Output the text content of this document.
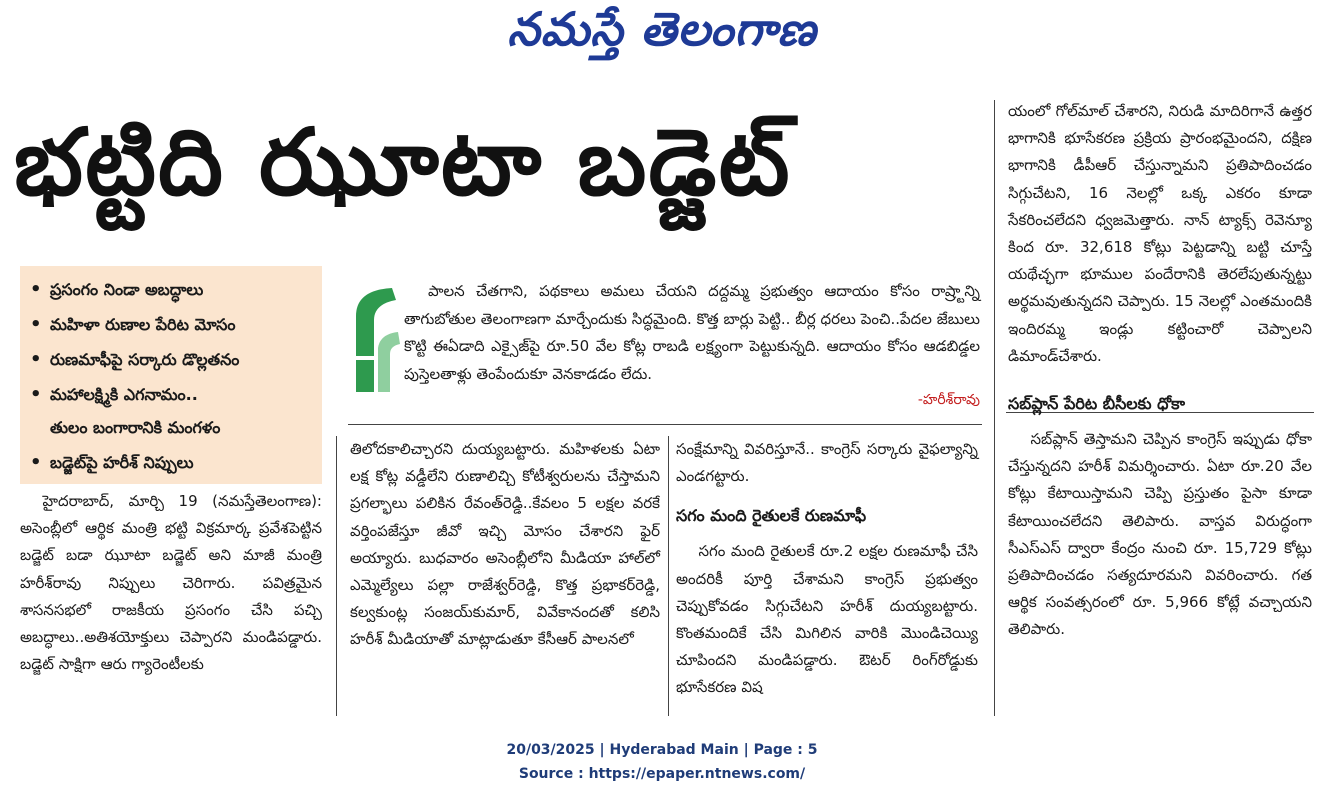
నమస్తే తెలంగాణ
భట్టిది ఝూటా బడ్జెట్
• ప్రసంగం నిండా అబద్ధాలు
• మహిళా రుణాల పేరిట మోసం
• రుణమాఫీపై సర్కారు డొల్లతనం
• మహాలక్ష్మికి ఎగనామం..
తులం బంగారానికి మంగళం
• బడ్జెట్‌పై హరీశ్‌ నిప్పులు

పాలన చేతగాని, పథకాలు అమలు చేయని దద్దమ్మ ప్రభుత్వం ఆదాయం కోసం రాష్ర్టాన్ని తాగుబోతుల తెలంగాణగా మార్చేందుకు సిద్ధమైంది. కొత్త బార్లు పెట్టి.. బీర్ల ధరలు పెంచి..పేదల జేబులు కొట్టి ఈఏడాది ఎక్సైజ్‌పై రూ.50 వేల కోట్ల రాబడి లక్ష్యంగా పెట్టుకున్నది. ఆదాయం కోసం ఆడబిడ్డల పుస్తెలతాళ్లు తెంపేందుకూ వెనకాడడం లేదు.

-హరీశ్‌రావు

హైదరాబాద్‌, మార్చి 19 (నమస్తేతెలంగాణ): అసెంబ్లీలో ఆర్థిక మంత్రి భట్టి విక్రమార్క ప్రవేశపెట్టిన బడ్జెట్‌ బడా ఝూటా బడ్జెట్‌ అని మాజీ మంత్రి హరీశ్‌రావు నిప్పులు చెరిగారు. పవిత్రమైన శాసనసభలో రాజకీయ ప్రసంగం చేసి పచ్చి అబద్ధాలు..అతిశయోక్తులు చెప్పారని మండిపడ్డారు. బడ్జెట్‌ సాక్షిగా ఆరు గ్యారెంటీలకు

తిలోదకాలిచ్చారని దుయ్యబట్టారు. మహిళలకు ఏటా లక్ష కోట్ల వడ్డీలేని రుణాలిచ్చి కోటీశ్వరులను చేస్తామని ప్రగల్భాలు పలికిన రేవంత్‌రెడ్డి..కేవలం 5 లక్షల వరకే వర్తింపజేస్తూ జీవో ఇచ్చి మోసం చేశారని ఫైర్‌ అయ్యారు. బుధవారం అసెంబ్లీలోని మీడియా హాల్‌లో ఎమ్మెల్యేలు పల్లా రాజేశ్వర్‌రెడ్డి, కొత్త ప్రభాకర్‌రెడ్డి, కల్వకుంట్ల సంజయ్‌కుమార్‌, వివేకానందతో కలిసి హరీశ్‌ మీడియాతో మాట్లాడుతూ కేసీఆర్‌ పాలనలో

సంక్షేమాన్ని వివరిస్తూనే.. కాంగ్రెస్‌ సర్కారు వైఫల్యాన్ని ఎండగట్టారు.

సగం మంది రైతులకే రుణమాఫీ

సగం మంది రైతులకే రూ.2 లక్షల రుణమాఫీ చేసి అందరికీ పూర్తి చేశామని కాంగ్రెస్‌ ప్రభుత్వం చెప్పుకోవడం సిగ్గుచేటని హరీశ్‌ దుయ్యబట్టారు. కొంతమందికే చేసి మిగిలిన వారికి మొండిచెయ్యి చూపిందని మండిపడ్డారు. ఔటర్‌ రింగ్‌రోడ్డుకు భూసేకరణ విష

యంలో గోల్‌మాల్‌ చేశారని, నిరుడి మాదిరిగానే ఉత్తర భాగానికి భూసేకరణ ప్రక్రియ ప్రారంభమైందని, దక్షిణ భాగానికి డీపీఆర్‌ చేస్తున్నామని ప్రతిపాదించడం సిగ్గుచేటని, 16 నెలల్లో ఒక్క ఎకరం కూడా సేకరించలేదని ధ్వజమెత్తారు. నాన్‌ ట్యాక్స్‌ రెవెన్యూ కింద రూ. 32,618 కోట్లు పెట్టడాన్ని బట్టి చూస్తే యథేచ్ఛగా భూముల పందేరానికి తెరలేపుతున్నట్టు అర్థమవుతున్నదని చెప్పారు. 15 నెలల్లో ఎంతమందికి ఇందిరమ్మ ఇండ్లు కట్టించారో చెప్పాలని డిమాండ్‌చేశారు.

సబ్‌ప్లాన్‌ పేరిట బీసీలకు ధోకా

సబ్‌ప్లాన్‌ తెస్తామని చెప్పిన కాంగ్రెస్‌ ఇప్పుడు ధోకా చేస్తున్నదని హరీశ్‌ విమర్శించారు. ఏటా రూ.20 వేల కోట్లు కేటాయిస్తామని చెప్పి ప్రస్తుతం పైసా కూడా కేటాయించలేదని తెలిపారు. వాస్తవ విరుద్ధంగా సీఎస్‌ఎస్‌ ద్వారా కేంద్రం నుంచి రూ. 15,729 కోట్లు ప్రతిపాదించడం సత్యదూరమని వివరించారు. గత ఆర్థిక సంవత్సరంలో రూ. 5,966 కోట్లే వచ్చాయని తెలిపారు.

20/03/2025 | Hyderabad Main | Page : 5
Source : https://epaper.ntnews.com/
